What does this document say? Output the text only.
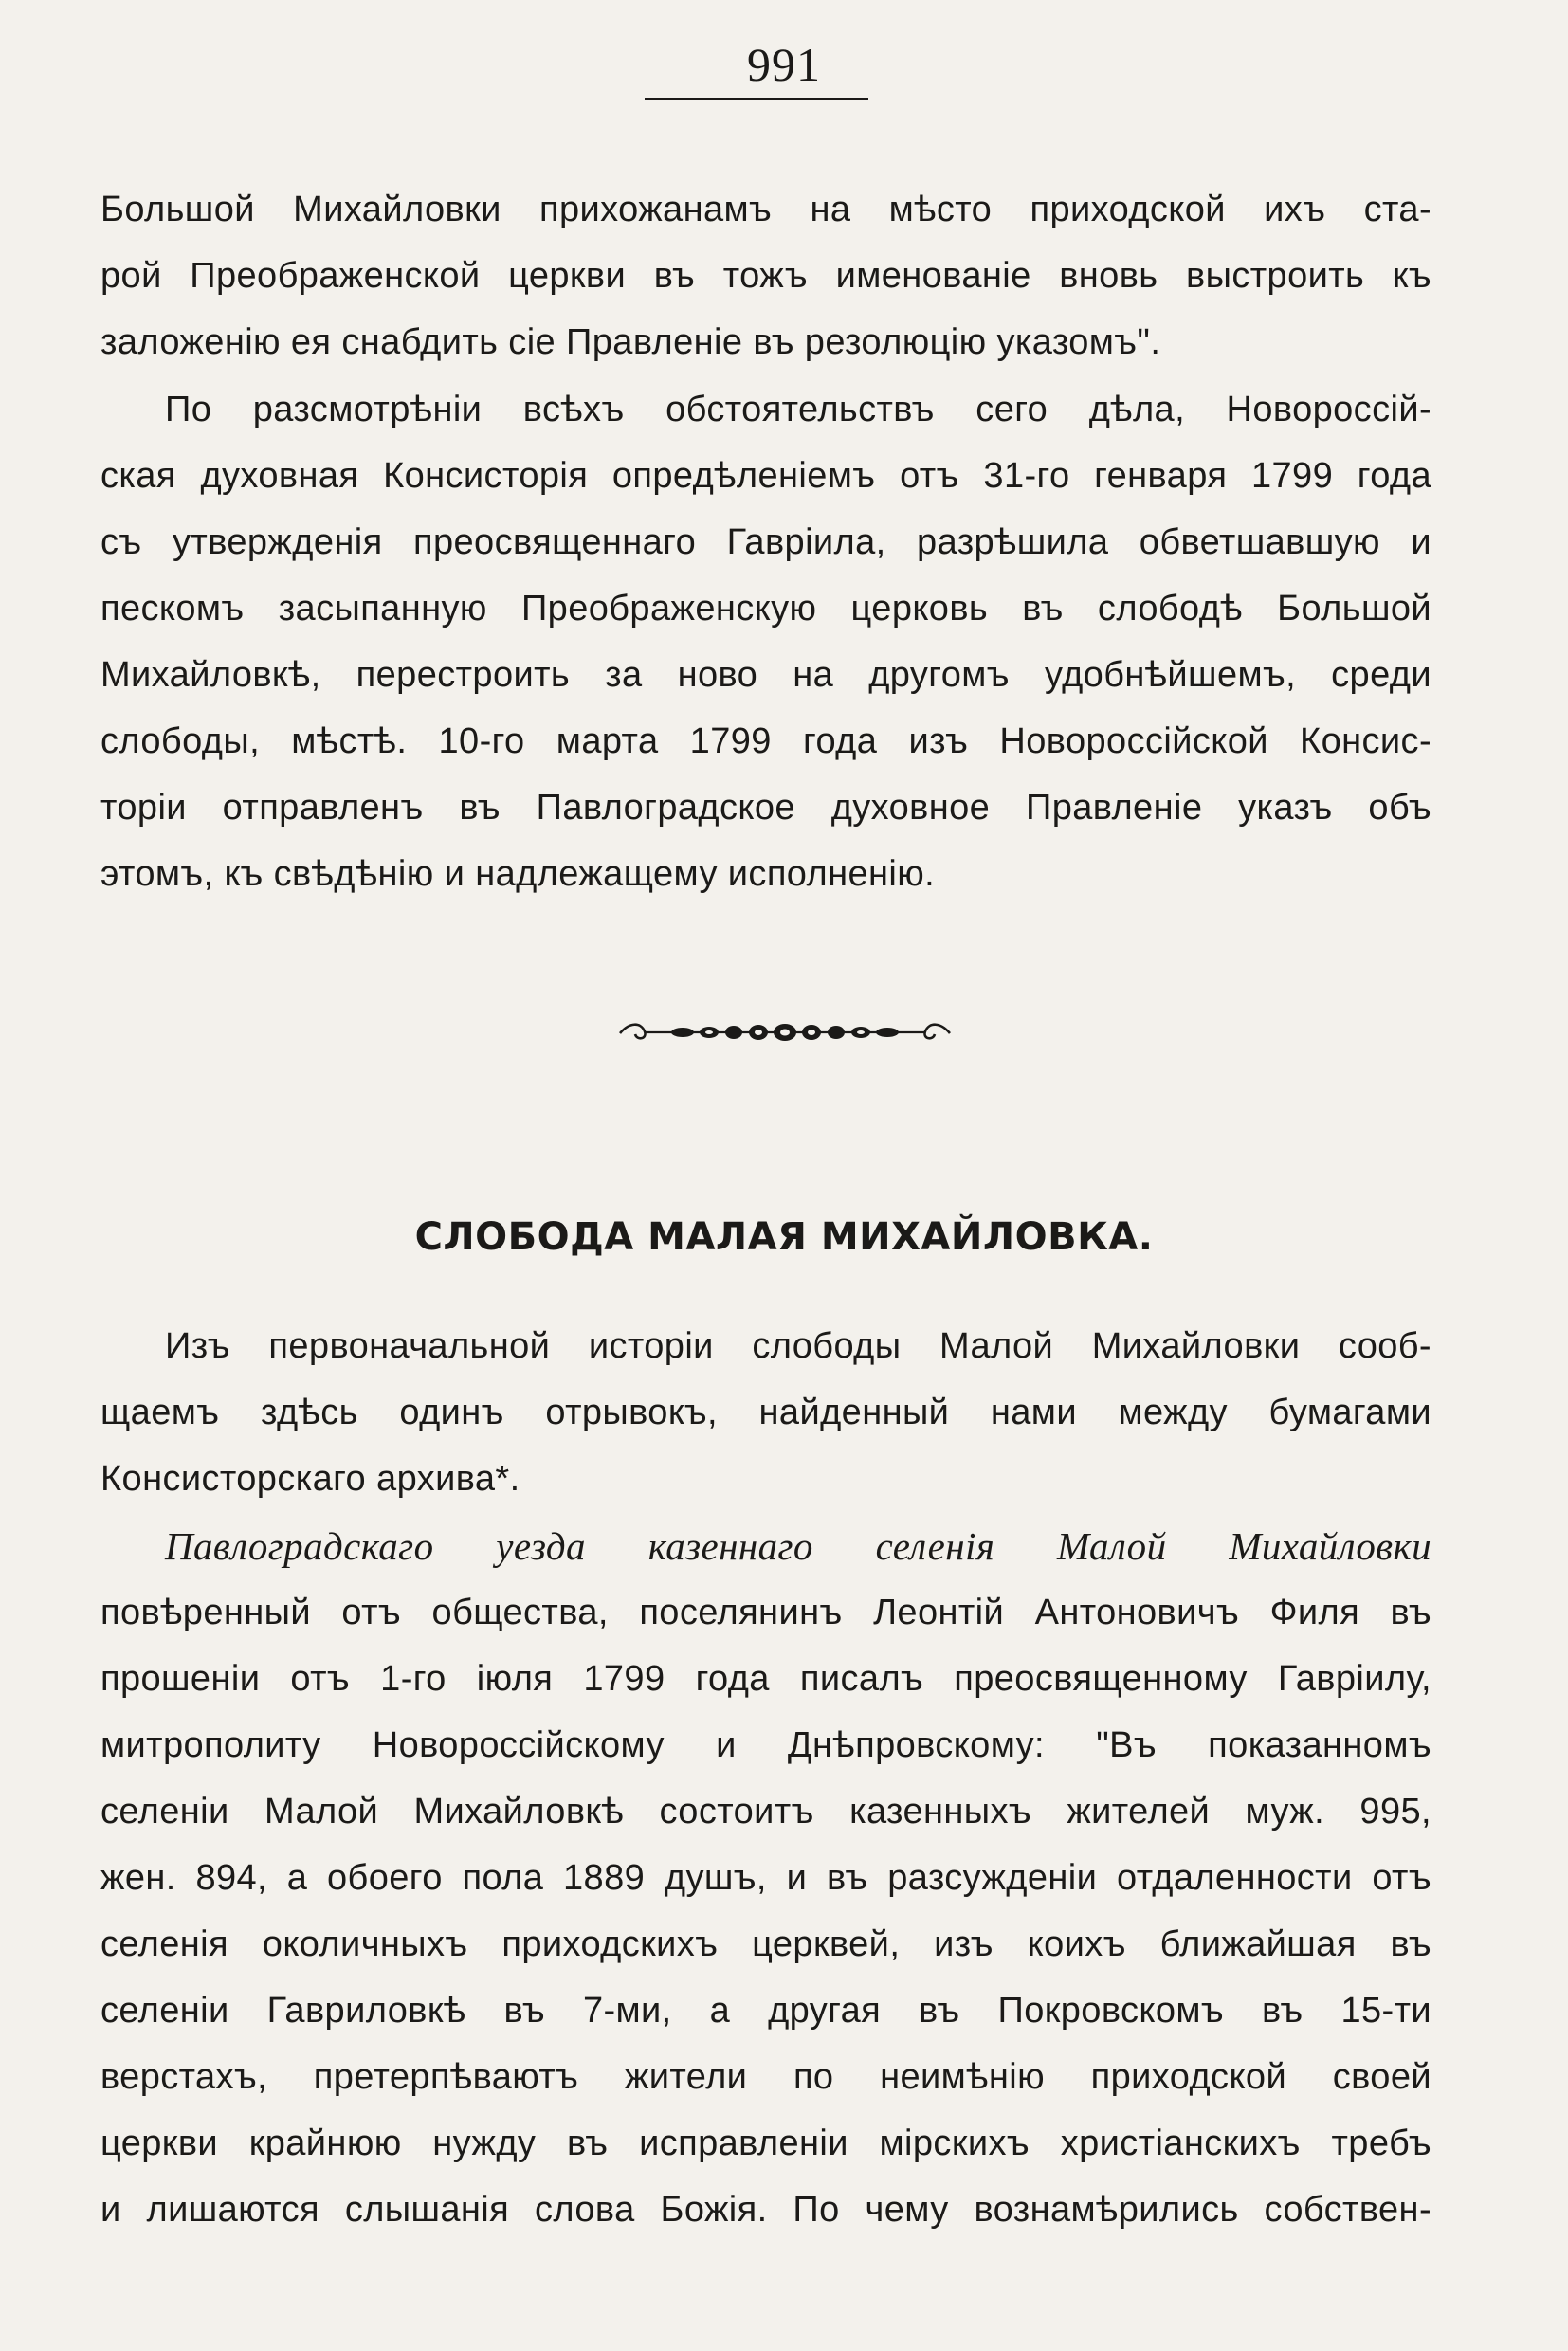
991
Большой Михайловки прихожанамъ на мѣсто приходской ихъ ста-
рой Преображенской церкви въ тожъ именованіе вновь выстроить къ
заложенію ея снабдить сіе Правленіе въ резолюцію указомъ".
По разсмотрѣніи всѣхъ обстоятельствъ сего дѣла, Новороссій-
ская духовная Консисторія опредѣленіемъ отъ 31-го генваря 1799 года
съ утвержденія преосвященнаго Гавріила, разрѣшила обветшавшую и
пескомъ засыпанную Преображенскую церковь въ слободѣ Большой
Михайловкѣ, перестроить за ново на другомъ удобнѣйшемъ, среди
слободы, мѣстѣ. 10-го марта 1799 года изъ Новороссійской Конcис-
торіи отправленъ въ Павлоградское духовное Правленіе указъ объ
этомъ, къ свѣдѣнію и надлежащему исполненію.
СЛОБОДА МАЛАЯ МИХАЙЛОВКА.
Изъ первоначальной исторіи слободы Малой Михайловки сооб-
щаемъ здѣсь одинъ отрывокъ, найденный нами между бумагами
Консисторскаго архива*.
Павлоградскаго уезда казеннаго селенія Малой Михайловки
повѣренный отъ общества, поселянинъ Леонтій Антоновичъ Филя въ
прошеніи отъ 1-го іюля 1799 года писалъ преосвященному Гавріилу,
митрополиту Новороссійскому и Днѣпровскому: "Въ показанномъ
селеніи Малой Михайловкѣ состоитъ казенныхъ жителей муж. 995,
жен. 894, а обоего пола 1889 душъ, и въ разсужденіи отдаленности отъ
селенія околичныхъ приходскихъ церквей, изъ коихъ ближайшая въ
селеніи Гавриловкѣ въ 7-ми, а другая въ Покровскомъ въ 15-ти
верстахъ, претерпѣваютъ жители по неимѣнію приходской своей
церкви крайнюю нужду въ исправленіи мірскихъ христіанскихъ требъ
и лишаются слышанія слова Божія. По чему вознамѣрились собствен-
